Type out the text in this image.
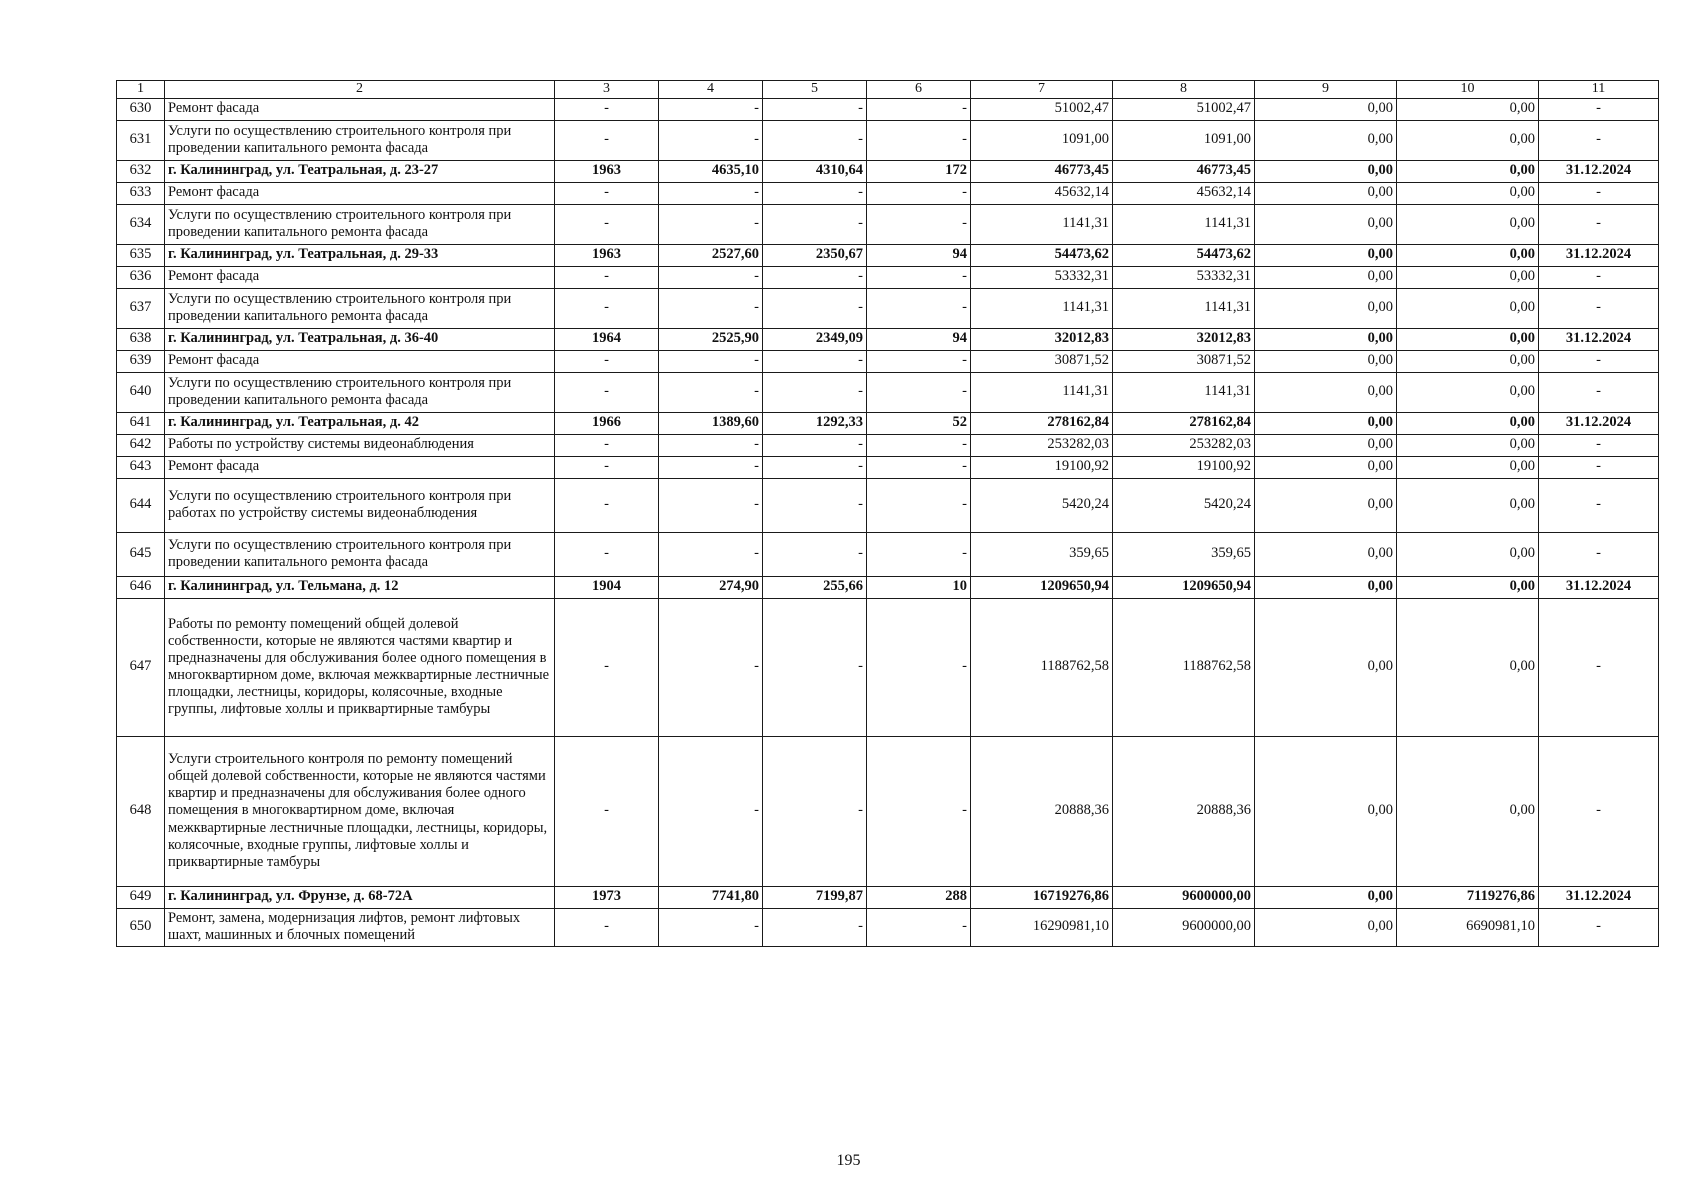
1	2	3	4	5	6	7	8	9	10	11
630	Ремонт фасада	-	-	-	-	51002,47	51002,47	0,00	0,00	-
631	Услуги по осуществлению строительного контроля при проведении капитального ремонта фасада	-	-	-	-	1091,00	1091,00	0,00	0,00	-
632	г. Калининград, ул. Театральная, д. 23-27	1963	4635,10	4310,64	172	46773,45	46773,45	0,00	0,00	31.12.2024
633	Ремонт фасада	-	-	-	-	45632,14	45632,14	0,00	0,00	-
634	Услуги по осуществлению строительного контроля при проведении капитального ремонта фасада	-	-	-	-	1141,31	1141,31	0,00	0,00	-
635	г. Калининград, ул. Театральная, д. 29-33	1963	2527,60	2350,67	94	54473,62	54473,62	0,00	0,00	31.12.2024
636	Ремонт фасада	-	-	-	-	53332,31	53332,31	0,00	0,00	-
637	Услуги по осуществлению строительного контроля при проведении капитального ремонта фасада	-	-	-	-	1141,31	1141,31	0,00	0,00	-
638	г. Калининград, ул. Театральная, д. 36-40	1964	2525,90	2349,09	94	32012,83	32012,83	0,00	0,00	31.12.2024
639	Ремонт фасада	-	-	-	-	30871,52	30871,52	0,00	0,00	-
640	Услуги по осуществлению строительного контроля при проведении капитального ремонта фасада	-	-	-	-	1141,31	1141,31	0,00	0,00	-
641	г. Калининград, ул. Театральная, д. 42	1966	1389,60	1292,33	52	278162,84	278162,84	0,00	0,00	31.12.2024
642	Работы по устройству системы видеонаблюдения	-	-	-	-	253282,03	253282,03	0,00	0,00	-
643	Ремонт фасада	-	-	-	-	19100,92	19100,92	0,00	0,00	-
644	Услуги по осуществлению строительного контроля при работах по устройству системы видеонаблюдения	-	-	-	-	5420,24	5420,24	0,00	0,00	-
645	Услуги по осуществлению строительного контроля при проведении капитального ремонта фасада	-	-	-	-	359,65	359,65	0,00	0,00	-
646	г. Калининград, ул. Тельмана, д. 12	1904	274,90	255,66	10	1209650,94	1209650,94	0,00	0,00	31.12.2024
647	Работы по ремонту помещений общей долевой собственности, которые не являются частями квартир и предназначены для обслуживания более одного помещения в многоквартирном доме, включая межквартирные лестничные площадки, лестницы, коридоры, колясочные, входные группы, лифтовые холлы и приквартирные тамбуры	-	-	-	-	1188762,58	1188762,58	0,00	0,00	-
648	Услуги строительного контроля по ремонту помещений общей долевой собственности, которые не являются частями квартир и предназначены для обслуживания более одного помещения в многоквартирном доме, включая межквартирные лестничные площадки, лестницы, коридоры, колясочные, входные группы, лифтовые холлы и приквартирные тамбуры	-	-	-	-	20888,36	20888,36	0,00	0,00	-
649	г. Калининград, ул. Фрунзе, д. 68-72А	1973	7741,80	7199,87	288	16719276,86	9600000,00	0,00	7119276,86	31.12.2024
650	Ремонт, замена, модернизация лифтов, ремонт лифтовых шахт, машинных и блочных помещений	-	-	-	-	16290981,10	9600000,00	0,00	6690981,10	-
195
